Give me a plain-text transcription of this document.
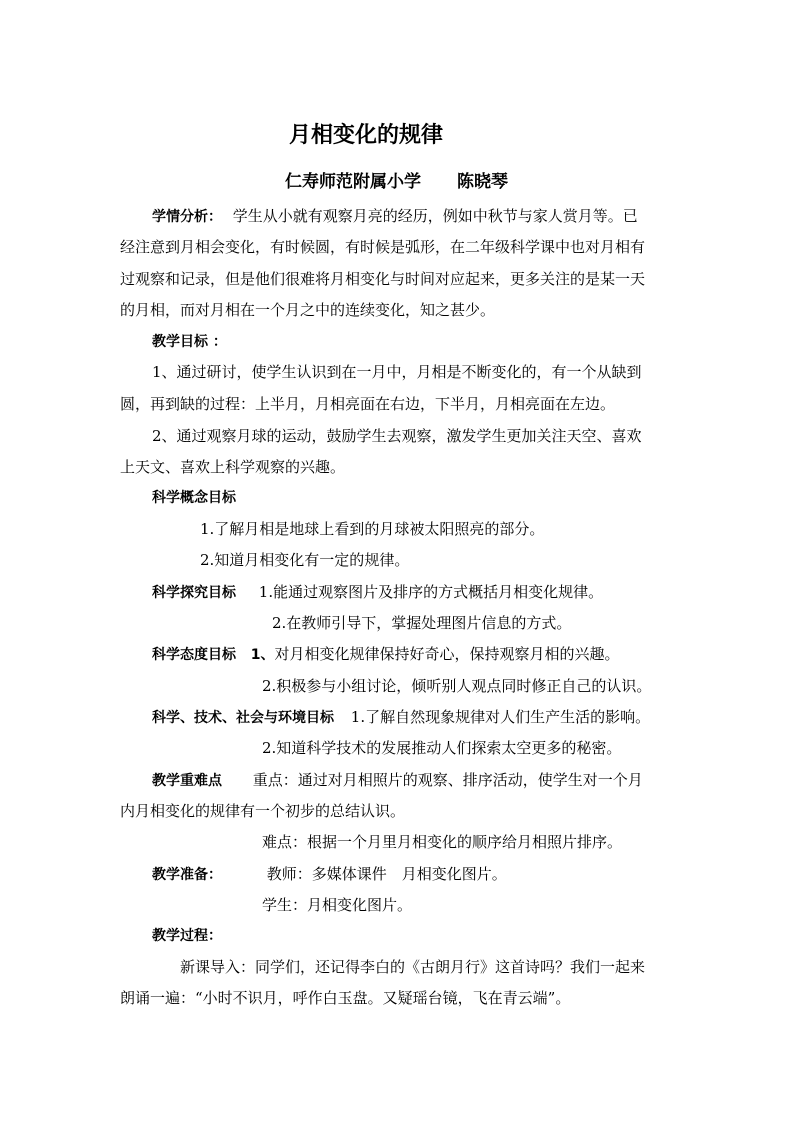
月相变化的规律
仁寿师范附属小学 陈晓琴
学情分析： 学生从小就有观察月亮的经历，例如中秋节与家人赏月等。已
经注意到月相会变化，有时候圆，有时候是弧形，在二年级科学课中也对月相有
过观察和记录，但是他们很难将月相变化与时间对应起来，更多关注的是某一天
的月相，而对月相在一个月之中的连续变化，知之甚少。
教学目标 ：
1、通过研讨，使学生认识到在一月中，月相是不断变化的，有一个从缺到
圆，再到缺的过程：上半月，月相亮面在右边，下半月，月相亮面在左边。
2、通过观察月球的运动，鼓励学生去观察，激发学生更加关注天空、喜欢
上天文、喜欢上科学观察的兴趣。
科学概念目标
1.了解月相是地球上看到的月球被太阳照亮的部分。
2.知道月相变化有一定的规律。
科学探究目标 1.能通过观察图片及排序的方式概括月相变化规律。
2.在教师引导下，掌握处理图片信息的方式。
科学态度目标 1、对月相变化规律保持好奇心，保持观察月相的兴趣。
2.积极参与小组讨论，倾听别人观点同时修正自己的认识。
科学、技术、社会与环境目标 1.了解自然现象规律对人们生产生活的影响。
2.知道科学技术的发展推动人们探索太空更多的秘密。
教学重难点 重点：通过对月相照片的观察、排序活动，使学生对一个月
内月相变化的规律有一个初步的总结认识。
难点：根据一个月里月相变化的顺序给月相照片排序。
教学准备：	教师：多媒体课件　月相变化图片。
学生：月相变化图片。
教学过程：
新课导入：同学们，还记得李白的《古朗月行》这首诗吗？我们一起来
朗诵一遍：“小时不识月，呼作白玉盘。又疑瑶台镜，飞在青云端”。
